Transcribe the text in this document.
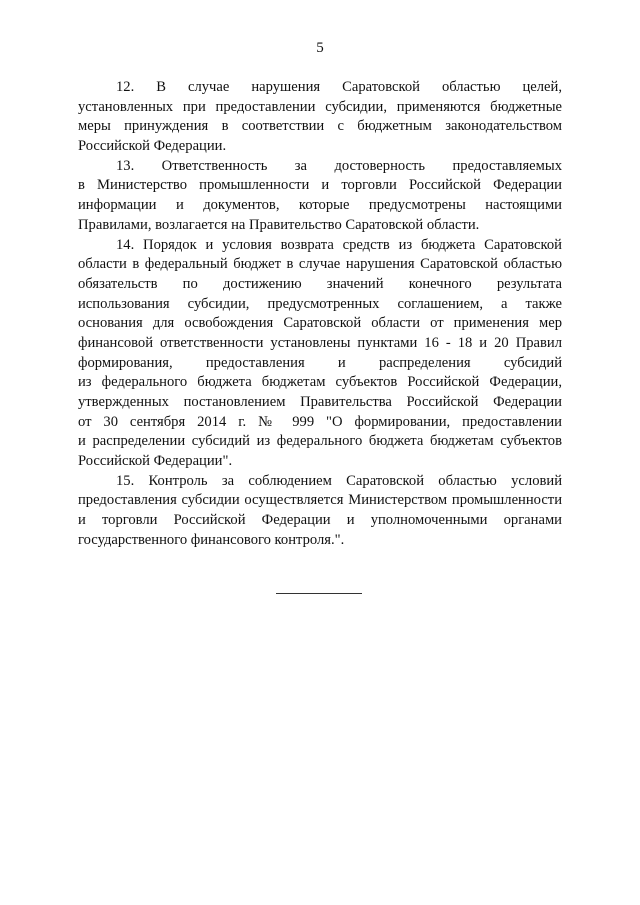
5

12. В случае нарушения Саратовской областью целей,
установленных при предоставлении субсидии, применяются бюджетные
меры принуждения в соответствии с бюджетным законодательством
Российской Федерации.

13. Ответственность за достоверность предоставляемых
в Министерство промышленности и торговли Российской Федерации
информации и документов, которые предусмотрены настоящими
Правилами, возлагается на Правительство Саратовской области.

14. Порядок и условия возврата средств из бюджета Саратовской
области в федеральный бюджет в случае нарушения Саратовской областью
обязательств по достижению значений конечного результата
использования субсидии, предусмотренных соглашением, а также
основания для освобождения Саратовской области от применения мер
финансовой ответственности установлены пунктами 16 - 18 и 20 Правил
формирования, предоставления и распределения субсидий
из федерального бюджета бюджетам субъектов Российской Федерации,
утвержденных постановлением Правительства Российской Федерации
от 30 сентября 2014 г. № 999 "О формировании, предоставлении
и распределении субсидий из федерального бюджета бюджетам субъектов
Российской Федерации".

15. Контроль за соблюдением Саратовской областью условий
предоставления субсидии осуществляется Министерством промышленности
и торговли Российской Федерации и уполномоченными органами
государственного финансового контроля.".
